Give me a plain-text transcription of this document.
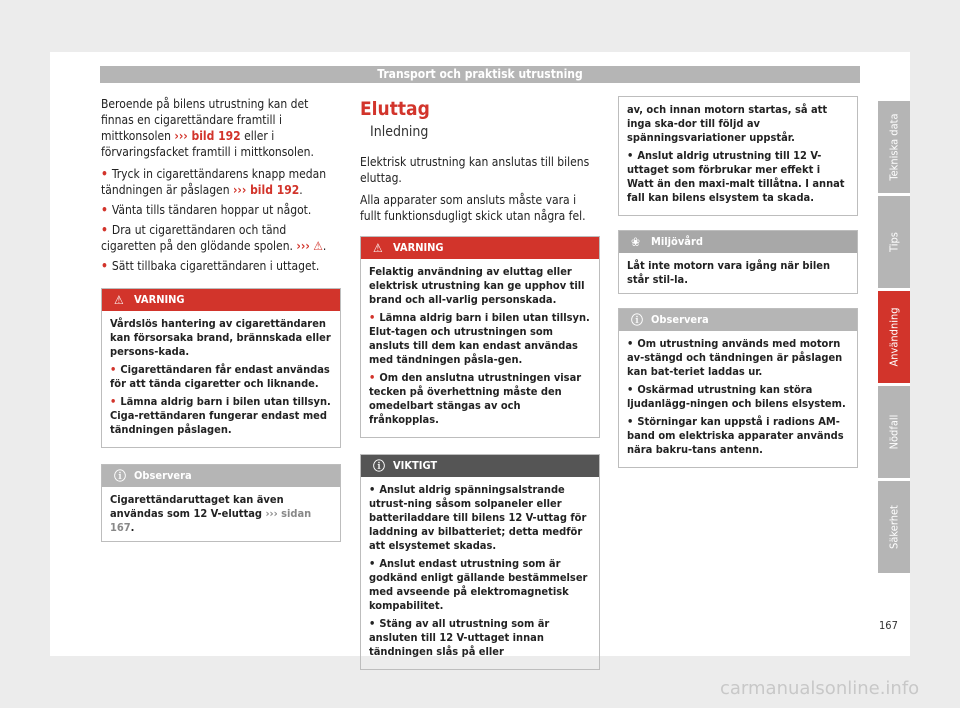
Transport och praktisk utrustning

Beroende på bilens utrustning kan det finnas en cigarettändare framtill i mittkonsolen ››› bild 192 eller i förvaringsfacket framtill i mittkonsolen.

• Tryck in cigarettändarens knapp medan tändningen är påslagen ››› bild 192.
• Vänta tills tändaren hoppar ut något.
• Dra ut cigarettändaren och tänd cigaretten på den glödande spolen. ››› ⚠.
• Sätt tillbaka cigarettändaren i uttaget.
⚠ VARNING
Vårdslös hantering av cigarettändaren kan försorsaka brand, brännskada eller persons-kada.
• Cigarettändaren får endast användas för att tända cigaretter och liknande.
• Lämna aldrig barn i bilen utan tillsyn. Ciga-rettändaren fungerar endast med tändningen påslagen.
ⓘ Observera
Cigarettändaruttaget kan även användas som 12 V-eluttag ››› sidan 167.
Eluttag
Inledning

Elektrisk utrustning kan anslutas till bilens eluttag.

Alla apparater som ansluts måste vara i fullt funktionsdugligt skick utan några fel.

⚠ VARNING
Felaktig användning av eluttag eller elektrisk utrustning kan ge upphov till brand och all-varlig personskada.
• Lämna aldrig barn i bilen utan tillsyn. Elut-tagen och utrustningen som ansluts till dem kan endast användas med tändningen påsla-gen.
• Om den anslutna utrustningen visar tecken på överhettning måste den omedelbart stängas av och frånkopplas.
ⓘ VIKTIGT
• Anslut aldrig spänningsalstrande utrust-ning såsom solpaneler eller batteriladdare till bilens 12 V-uttag för laddning av bilbatteriet; detta medför att elsystemet skadas.
• Anslut endast utrustning som är godkänd enligt gällande bestämmelser med avseende på elektromagnetisk kompabilitet.
• Stäng av all utrustning som är ansluten till 12 V-uttaget innan tändningen slås på eller
av, och innan motorn startas, så att inga ska-dor till följd av spänningsvariationer uppstår.
• Anslut aldrig utrustning till 12 V-uttaget som förbrukar mer effekt i Watt än den maxi-malt tillåtna. I annat fall kan bilens elsystem ta skada.
❀ Miljövård
Låt inte motorn vara igång när bilen står stil-la.
ⓘ Observera
• Om utrustning används med motorn av-stängd och tändningen är påslagen kan bat-teriet laddas ur.
• Oskärmad utrustning kan störa ljudanlägg-ningen och bilens elsystem.
• Störningar kan uppstå i radions AM-band om elektriska apparater används nära bakru-tans antenn.
Tekniska data
Tips
Användning
Nödfall
Säkerhet
167
carmanualsonline.info
